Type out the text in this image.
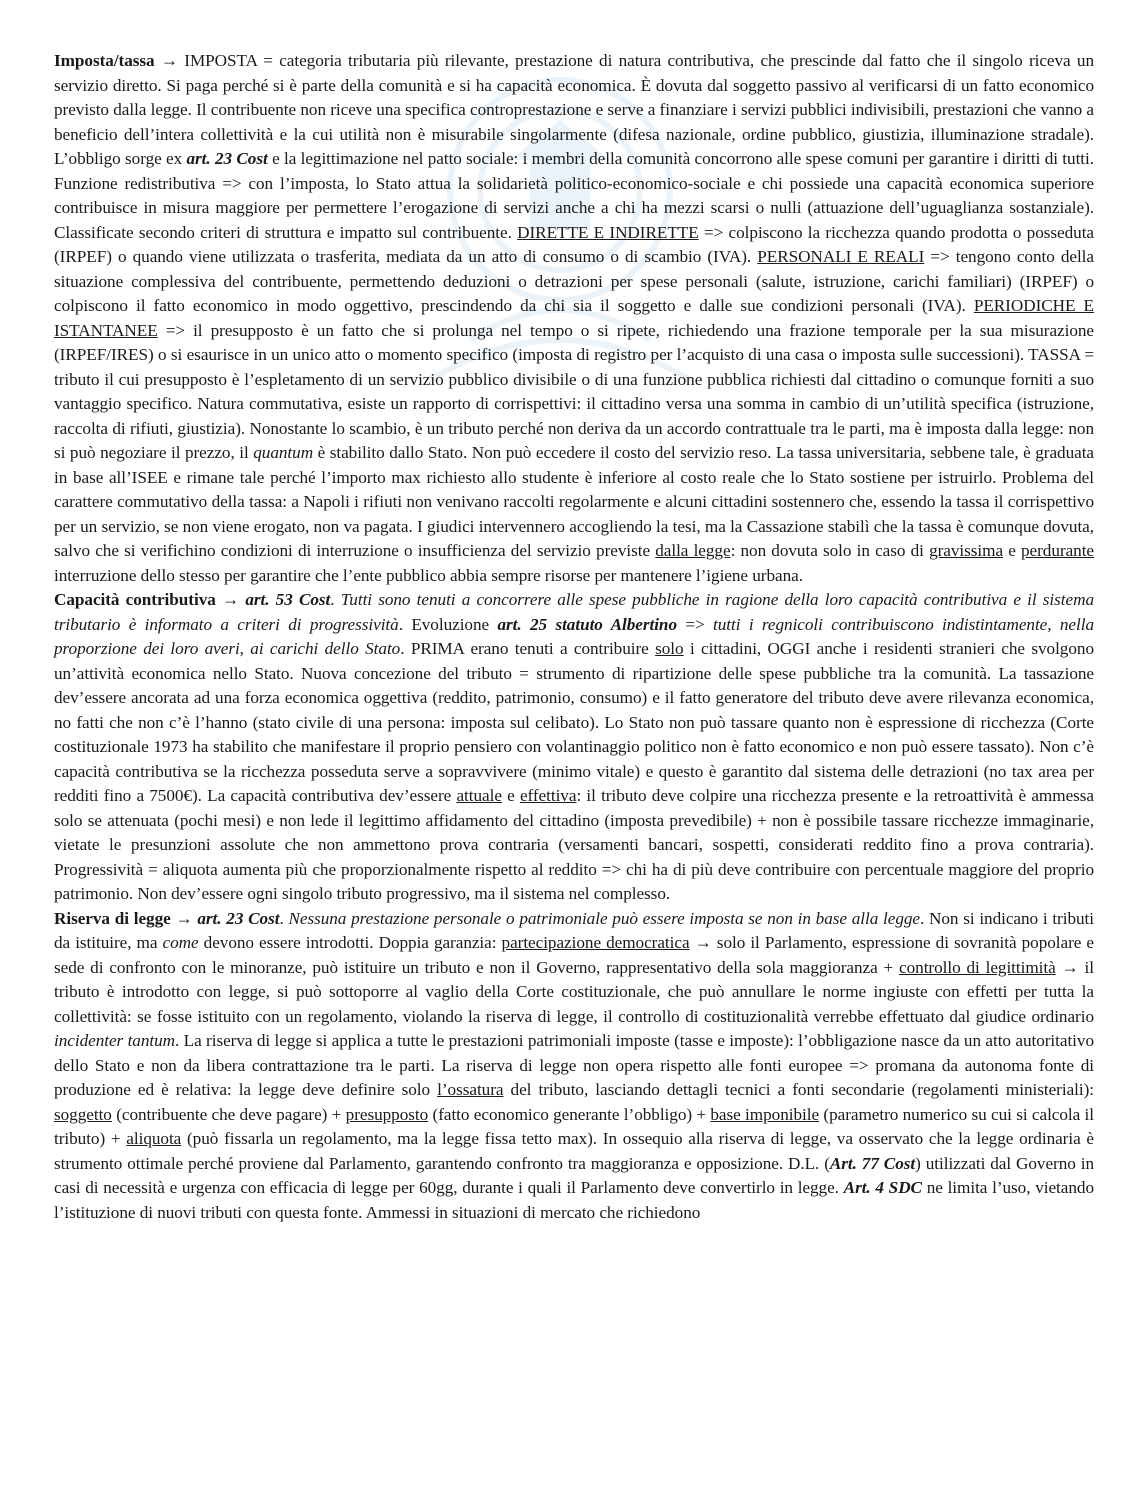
Imposta/tassa → IMPOSTA = categoria tributaria più rilevante, prestazione di natura contributiva, che prescinde dal fatto che il singolo riceva un servizio diretto. Si paga perché si è parte della comunità e si ha capacità economica. È dovuta dal soggetto passivo al verificarsi di un fatto economico previsto dalla legge. Il contribuente non riceve una specifica controprestazione e serve a finanziare i servizi pubblici indivisibili, prestazioni che vanno a beneficio dell’intera collettività e la cui utilità non è misurabile singolarmente (difesa nazionale, ordine pubblico, giustizia, illuminazione stradale). L’obbligo sorge ex art. 23 Cost e la legittimazione nel patto sociale: i membri della comunità concorrono alle spese comuni per garantire i diritti di tutti. Funzione redistributiva => con l’imposta, lo Stato attua la solidarietà politico-economico-sociale e chi possiede una capacità economica superiore contribuisce in misura maggiore per permettere l’erogazione di servizi anche a chi ha mezzi scarsi o nulli (attuazione dell’uguaglianza sostanziale). Classificate secondo criteri di struttura e impatto sul contribuente. DIRETTE E INDIRETTE => colpiscono la ricchezza quando prodotta o posseduta (IRPEF) o quando viene utilizzata o trasferita, mediata da un atto di consumo o di scambio (IVA). PERSONALI E REALI => tengono conto della situazione complessiva del contribuente, permettendo deduzioni o detrazioni per spese personali (salute, istruzione, carichi familiari) (IRPEF) o colpiscono il fatto economico in modo oggettivo, prescindendo da chi sia il soggetto e dalle sue condizioni personali (IVA). PERIODICHE E ISTANTANEE => il presupposto è un fatto che si prolunga nel tempo o si ripete, richiedendo una frazione temporale per la sua misurazione (IRPEF/IRES) o si esaurisce in un unico atto o momento specifico (imposta di registro per l’acquisto di una casa o imposta sulle successioni). TASSA = tributo il cui presupposto è l’espletamento di un servizio pubblico divisibile o di una funzione pubblica richiesti dal cittadino o comunque forniti a suo vantaggio specifico. Natura commutativa, esiste un rapporto di corrispettivi: il cittadino versa una somma in cambio di un’utilità specifica (istruzione, raccolta di rifiuti, giustizia). Nonostante lo scambio, è un tributo perché non deriva da un accordo contrattuale tra le parti, ma è imposta dalla legge: non si può negoziare il prezzo, il quantum è stabilito dallo Stato. Non può eccedere il costo del servizio reso. La tassa universitaria, sebbene tale, è graduata in base all’ISEE e rimane tale perché l’importo max richiesto allo studente è inferiore al costo reale che lo Stato sostiene per istruirlo. Problema del carattere commutativo della tassa: a Napoli i rifiuti non venivano raccolti regolarmente e alcuni cittadini sostennero che, essendo la tassa il corrispettivo per un servizio, se non viene erogato, non va pagata. I giudici intervennero accogliendo la tesi, ma la Cassazione stabilì che la tassa è comunque dovuta, salvo che si verifichino condizioni di interruzione o insufficienza del servizio previste dalla legge: non dovuta solo in caso di gravissima e perdurante interruzione dello stesso per garantire che l’ente pubblico abbia sempre risorse per mantenere l’igiene urbana.

Capacità contributiva → art. 53 Cost. Tutti sono tenuti a concorrere alle spese pubbliche in ragione della loro capacità contributiva e il sistema tributario è informato a criteri di progressività. Evoluzione art. 25 statuto Albertino => tutti i regnicoli contribuiscono indistintamente, nella proporzione dei loro averi, ai carichi dello Stato. PRIMA erano tenuti a contribuire solo i cittadini, OGGI anche i residenti stranieri che svolgono un’attività economica nello Stato. Nuova concezione del tributo = strumento di ripartizione delle spese pubbliche tra la comunità. La tassazione dev’essere ancorata ad una forza economica oggettiva (reddito, patrimonio, consumo) e il fatto generatore del tributo deve avere rilevanza economica, no fatti che non c’è l’hanno (stato civile di una persona: imposta sul celibato). Lo Stato non può tassare quanto non è espressione di ricchezza (Corte costituzionale 1973 ha stabilito che manifestare il proprio pensiero con volantinaggio politico non è fatto economico e non può essere tassato). Non c’è capacità contributiva se la ricchezza posseduta serve a sopravvivere (minimo vitale) e questo è garantito dal sistema delle detrazioni (no tax area per redditi fino a 7500€). La capacità contributiva dev’essere attuale e effettiva: il tributo deve colpire una ricchezza presente e la retroattività è ammessa solo se attenuata (pochi mesi) e non lede il legittimo affidamento del cittadino (imposta prevedibile) + non è possibile tassare ricchezze immaginarie, vietate le presunzioni assolute che non ammettono prova contraria (versamenti bancari, sospetti, considerati reddito fino a prova contraria). Progressività = aliquota aumenta più che proporzionalmente rispetto al reddito => chi ha di più deve contribuire con percentuale maggiore del proprio patrimonio. Non dev’essere ogni singolo tributo progressivo, ma il sistema nel complesso.

Riserva di legge → art. 23 Cost. Nessuna prestazione personale o patrimoniale può essere imposta se non in base alla legge. Non si indicano i tributi da istituire, ma come devono essere introdotti. Doppia garanzia: partecipazione democratica → solo il Parlamento, espressione di sovranità popolare e sede di confronto con le minoranze, può istituire un tributo e non il Governo, rappresentativo della sola maggioranza + controllo di legittimità → il tributo è introdotto con legge, si può sottoporre al vaglio della Corte costituzionale, che può annullare le norme ingiuste con effetti per tutta la collettività: se fosse istituito con un regolamento, violando la riserva di legge, il controllo di costituzionalità verrebbe effettuato dal giudice ordinario incidenter tantum. La riserva di legge si applica a tutte le prestazioni patrimoniali imposte (tasse e imposte): l’obbligazione nasce da un atto autoritativo dello Stato e non da libera contrattazione tra le parti. La riserva di legge non opera rispetto alle fonti europee => promana da autonoma fonte di produzione ed è relativa: la legge deve definire solo l’ossatura del tributo, lasciando dettagli tecnici a fonti secondarie (regolamenti ministeriali): soggetto (contribuente che deve pagare) + presupposto (fatto economico generante l’obbligo) + base imponibile (parametro numerico su cui si calcola il tributo) + aliquota (può fissarla un regolamento, ma la legge fissa tetto max). In ossequio alla riserva di legge, va osservato che la legge ordinaria è strumento ottimale perché proviene dal Parlamento, garantendo confronto tra maggioranza e opposizione. D.L. (Art. 77 Cost) utilizzati dal Governo in casi di necessità e urgenza con efficacia di legge per 60gg, durante i quali il Parlamento deve convertirlo in legge. Art. 4 SDC ne limita l’uso, vietando l’istituzione di nuovi tributi con questa fonte. Ammessi in situazioni di mercato che richiedono
